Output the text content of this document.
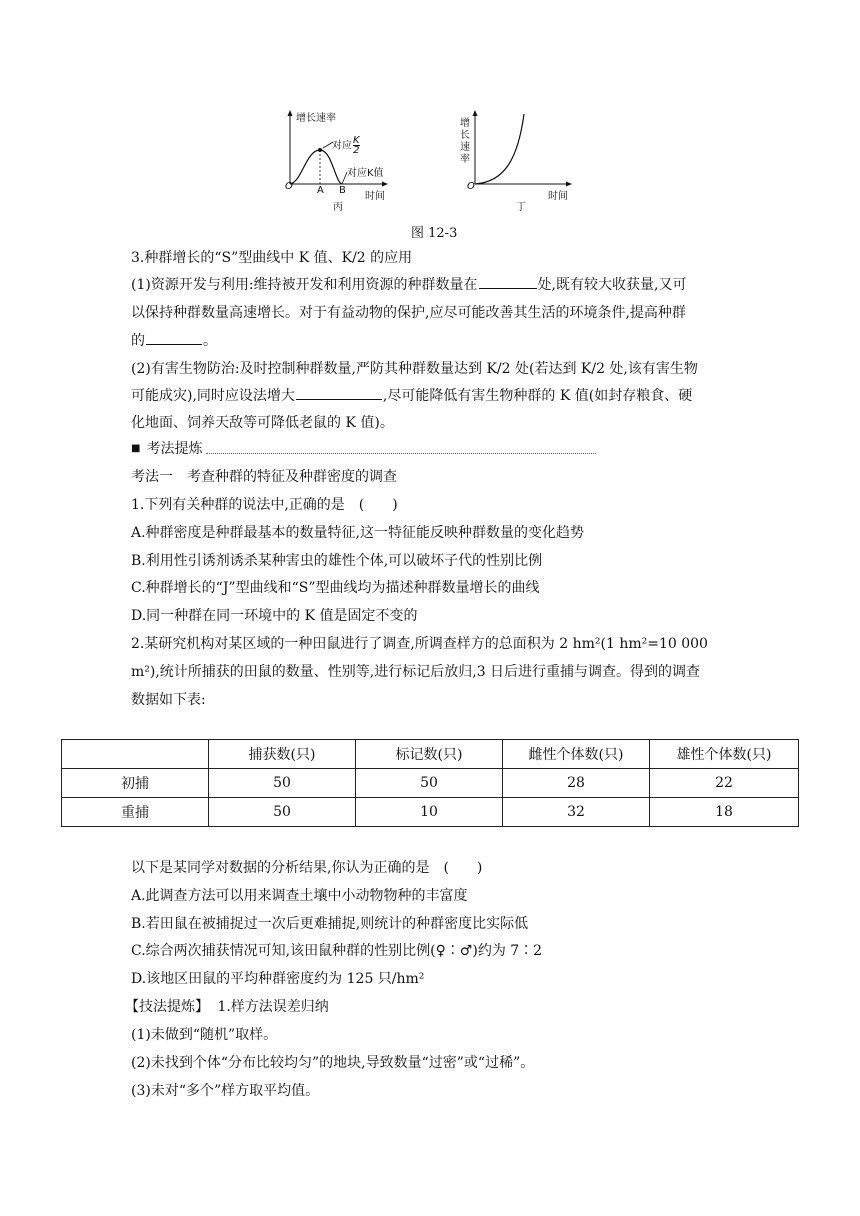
增长速率
对应 $\frac{K}{2}$
对应K值
O A B
时间
丙
增
长
速
率
O
时间
丁
图 12-3
3.种群增长的“S”型曲线中 K 值、K/2 的应用
(1)资源开发与利用:维持被开发和利用资源的种群数量在	处,既有较大收获量,又可
以保持种群数量高速增长。对于有益动物的保护,应尽可能改善其生活的环境条件,提高种群
的	。
(2)有害生物防治:及时控制种群数量,严防其种群数量达到 K/2 处(若达到 K/2 处,该有害生物
可能成灾),同时应设法增大	,尽可能降低有害生物种群的 K 值(如封存粮食、硬
化地面、饲养天敌等可降低老鼠的 K 值)。
■ 考法提炼
考法一　考查种群的特征及种群密度的调查
1.下列有关种群的说法中,正确的是　(　　)
A.种群密度是种群最基本的数量特征,这一特征能反映种群数量的变化趋势
B.利用性引诱剂诱杀某种害虫的雄性个体,可以破坏子代的性别比例
C.种群增长的“J”型曲线和“S”型曲线均为描述种群数量增长的曲线
D.同一种群在同一环境中的 K 值是固定不变的
2.某研究机构对某区域的一种田鼠进行了调查,所调查样方的总面积为 2 hm²(1 hm²=10 000
m²),统计所捕获的田鼠的数量、性别等,进行标记后放归,3 日后进行重捕与调查。得到的调查
数据如下表:
	捕获数(只)	标记数(只)	雌性个体数(只)	雄性个体数(只)
初捕	50	50	28	22
重捕	50	10	32	18
以下是某同学对数据的分析结果,你认为正确的是　(　　)
A.此调查方法可以用来调查土壤中小动物物种的丰富度
B.若田鼠在被捕捉过一次后更难捕捉,则统计的种群密度比实际低
C.综合两次捕获情况可知,该田鼠种群的性别比例(♀∶♂)约为 7∶2
D.该地区田鼠的平均种群密度约为 125 只/hm²
【技法提炼】 1.样方法误差归纳
(1)未做到“随机”取样。
(2)未找到个体“分布比较均匀”的地块,导致数量“过密”或“过稀”。
(3)未对“多个”样方取平均值。
